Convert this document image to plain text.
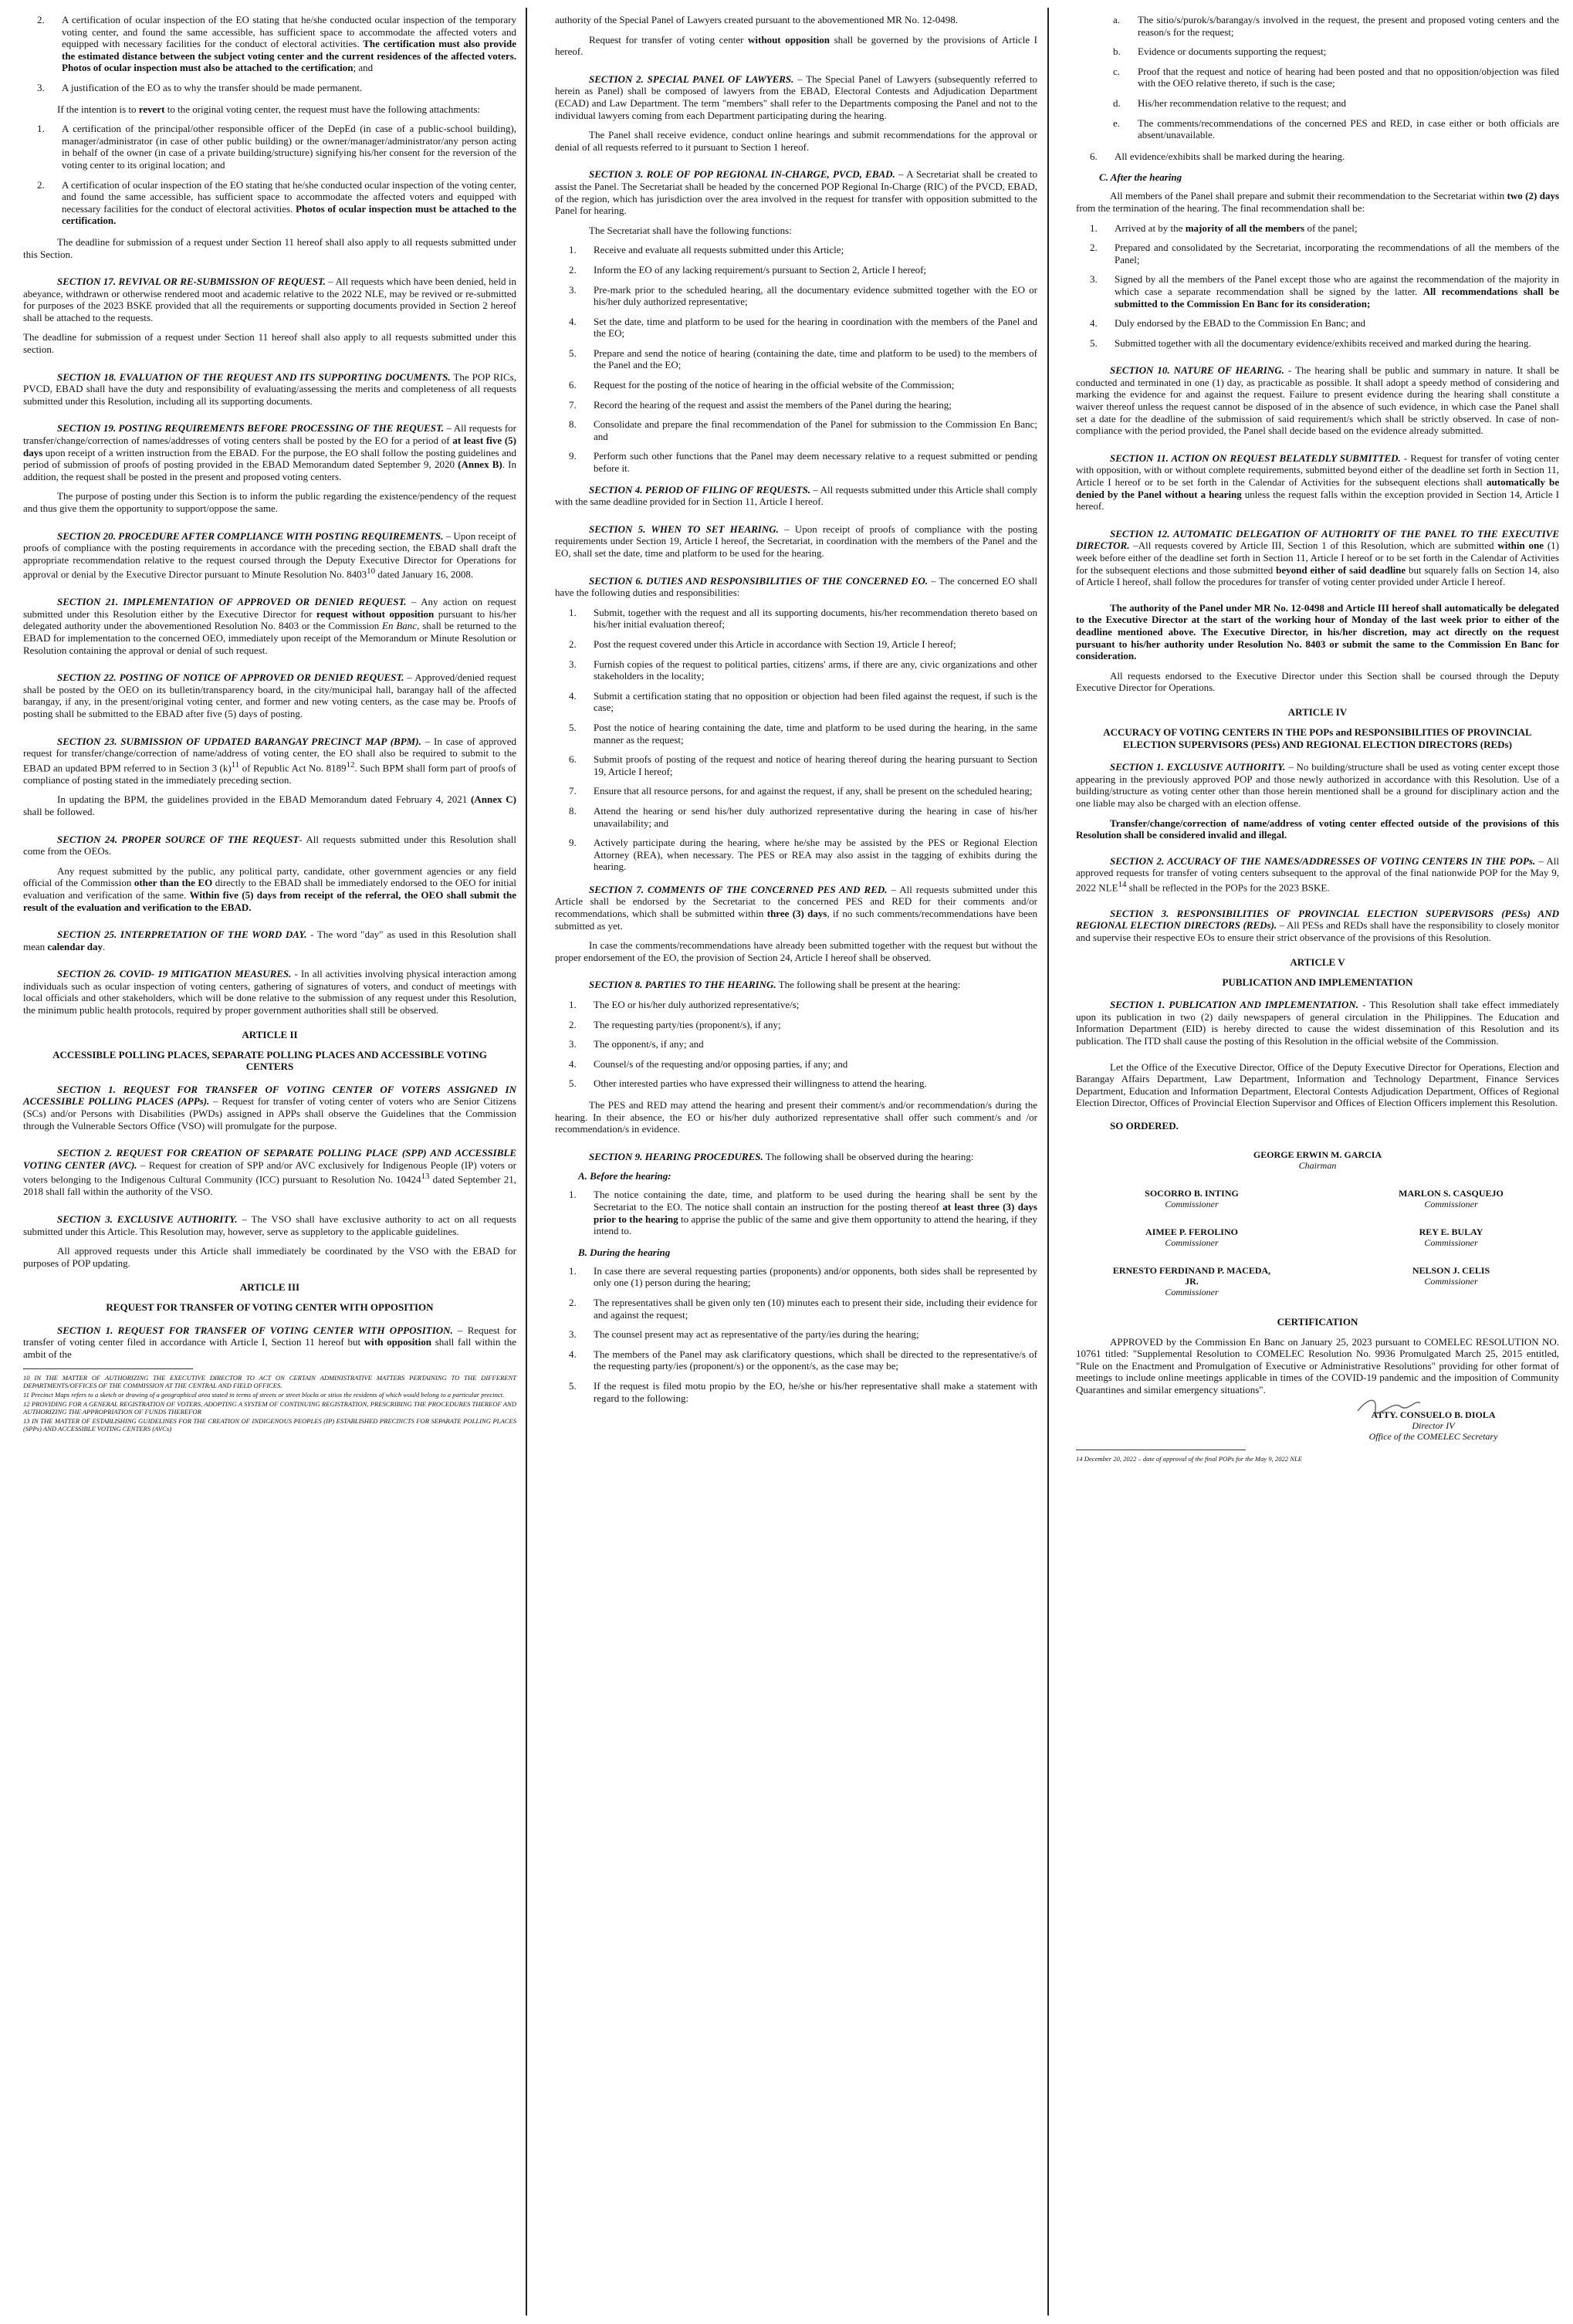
2. A certification of ocular inspection of the EO stating that he/she conducted ocular inspection of the temporary voting center, and found the same accessible, has sufficient space to accommodate the affected voters and equipped with necessary facilities for the conduct of electoral activities. The certification must also provide the estimated distance between the subject voting center and the current residences of the affected voters. Photos of ocular inspection must also be attached to the certification; and
3. A justification of the EO as to why the transfer should be made permanent.

If the intention is to revert to the original voting center, the request must have the following attachments:

1. A certification of the principal/other responsible officer of the DepEd (in case of a public-school building), manager/administrator (in case of other public building) or the owner/manager/administrator/any person acting in behalf of the owner (in case of a private building/structure) signifying his/her consent for the reversion of the voting center to its original location; and
2. A certification of ocular inspection of the EO stating that he/she conducted ocular inspection of the voting center, and found the same accessible, has sufficient space to accommodate the affected voters and equipped with necessary facilities for the conduct of electoral activities. Photos of ocular inspection must be attached to the certification.

The deadline for submission of a request under Section 11 hereof shall also apply to all requests submitted under this Section.

SECTION 17. REVIVAL OR RE-SUBMISSION OF REQUEST. – All requests which have been denied, held in abeyance, withdrawn or otherwise rendered moot and academic relative to the 2022 NLE, may be revived or re-submitted for purposes of the 2023 BSKE provided that all the requirements or supporting documents provided in Section 2 hereof shall be attached to the requests.

The deadline for submission of a request under Section 11 hereof shall also apply to all requests submitted under this section.

SECTION 18. EVALUATION OF THE REQUEST AND ITS SUPPORTING DOCUMENTS. The POP RICs, PVCD, EBAD shall have the duty and responsibility of evaluating/assessing the merits and completeness of all requests submitted under this Resolution, including all its supporting documents.

SECTION 19. POSTING REQUIREMENTS BEFORE PROCESSING OF THE REQUEST. – All requests for transfer/change/correction of names/addresses of voting centers shall be posted by the EO for a period of at least five (5) days upon receipt of a written instruction from the EBAD. For the purpose, the EO shall follow the posting guidelines and period of submission of proofs of posting provided in the EBAD Memorandum dated September 9, 2020 (Annex B). In addition, the request shall be posted in the present and proposed voting centers.

The purpose of posting under this Section is to inform the public regarding the existence/pendency of the request and thus give them the opportunity to support/oppose the same.

SECTION 20. PROCEDURE AFTER COMPLIANCE WITH POSTING REQUIREMENTS. – Upon receipt of proofs of compliance with the posting requirements in accordance with the preceding section, the EBAD shall draft the appropriate recommendation relative to the request coursed through the Deputy Executive Director for Operations for approval or denial by the Executive Director pursuant to Minute Resolution No. 8403$^{10}$ dated January 16, 2008.

SECTION 21. IMPLEMENTATION OF APPROVED OR DENIED REQUEST. – Any action on request submitted under this Resolution either by the Executive Director for request without opposition pursuant to his/her delegated authority under the abovementioned Resolution No. 8403 or the Commission En Banc, shall be returned to the EBAD for implementation to the concerned OEO, immediately upon receipt of the Memorandum or Minute Resolution or Resolution containing the approval or denial of such request.

SECTION 22. POSTING OF NOTICE OF APPROVED OR DENIED REQUEST. – Approved/denied request shall be posted by the OEO on its bulletin/transparency board, in the city/municipal hall, barangay hall of the affected barangay, if any, in the present/original voting center, and former and new voting centers, as the case may be. Proofs of posting shall be submitted to the EBAD after five (5) days of posting.

SECTION 23. SUBMISSION OF UPDATED BARANGAY PRECINCT MAP (BPM). – In case of approved request for transfer/change/correction of name/address of voting center, the EO shall also be required to submit to the EBAD an updated BPM referred to in Section 3 $(k)^{11}$ of Republic Act No. 8189$^{12}$. Such BPM shall form part of proofs of compliance of posting stated in the immediately preceding section.

In updating the BPM, the guidelines provided in the EBAD Memorandum dated February 4, 2021 (Annex C) shall be followed.

SECTION 24. PROPER SOURCE OF THE REQUEST- All requests submitted under this Resolution shall come from the OEOs.

Any request submitted by the public, any political party, candidate, other government agencies or any field official of the Commission other than the EO directly to the EBAD shall be immediately endorsed to the OEO for initial evaluation and verification of the same. Within five (5) days from receipt of the referral, the OEO shall submit the result of the evaluation and verification to the EBAD.

SECTION 25. INTERPRETATION OF THE WORD DAY. - The word "day" as used in this Resolution shall mean calendar day.

SECTION 26. COVID- 19 MITIGATION MEASURES. - In all activities involving physical interaction among individuals such as ocular inspection of voting centers, gathering of signatures of voters, and conduct of meetings with local officials and other stakeholders, which will be done relative to the submission of any request under this Resolution, the minimum public health protocols, required by proper government authorities shall still be observed.

ARTICLE II
ACCESSIBLE POLLING PLACES, SEPARATE POLLING PLACES AND ACCESSIBLE VOTING CENTERS

SECTION 1. REQUEST FOR TRANSFER OF VOTING CENTER OF VOTERS ASSIGNED IN ACCESSIBLE POLLING PLACES (APPs). – Request for transfer of voting center of voters who are Senior Citizens (SCs) and/or Persons with Disabilities (PWDs) assigned in APPs shall observe the Guidelines that the Commission through the Vulnerable Sectors Office (VSO) will promulgate for the purpose.

SECTION 2. REQUEST FOR CREATION OF SEPARATE POLLING PLACE (SPP) AND ACCESSIBLE VOTING CENTER (AVC). – Request for creation of SPP and/or AVC exclusively for Indigenous People (IP) voters or voters belonging to the Indigenous Cultural Community (ICC) pursuant to Resolution No. 10424$^{13}$ dated September 21, 2018 shall fall within the authority of the VSO.

SECTION 3. EXCLUSIVE AUTHORITY. – The VSO shall have exclusive authority to act on all requests submitted under this Article. This Resolution may, however, serve as suppletory to the applicable guidelines.

All approved requests under this Article shall immediately be coordinated by the VSO with the EBAD for purposes of POP updating.

ARTICLE III
REQUEST FOR TRANSFER OF VOTING CENTER WITH OPPOSITION

SECTION 1. REQUEST FOR TRANSFER OF VOTING CENTER WITH OPPOSITION. – Request for transfer of voting center filed in accordance with Article I, Section 11 hereof but with opposition shall fall within the ambit of the

10 IN THE MATTER OF AUTHORIZING THE EXECUTIVE DIRECTOR TO ACT ON CERTAIN ADMINISTRATIVE MATTERS PERTAINING TO THE DIFFERENT DEPARTMENTS/OFFICES OF THE COMMISSION AT THE CENTRAL AND FIELD OFFICES.

11 Precinct Maps refers to a sketch or drawing of a geographical area stated in terms of streets or street blocks or sitios the residents of which would belong to a particular precinct.

12 PROVIDING FOR A GENERAL REGISTRATION OF VOTERS, ADOPTING A SYSTEM OF CONTINUING REGISTRATION, PRESCRIBING THE PROCEDURES THEREOF AND AUTHORIZING THE APPROPRIATION OF FUNDS THEREFOR

13 IN THE MATTER OF ESTABLISHING GUIDELINES FOR THE CREATION OF INDIGENOUS PEOPLES (IP) ESTABLISHED PRECINCTS FOR SEPARATE POLLING PLACES (SPPs) AND ACCESSIBLE VOTING CENTERS (AVCs)

authority of the Special Panel of Lawyers created pursuant to the abovementioned MR No. 12-0498.

Request for transfer of voting center without opposition shall be governed by the provisions of Article I hereof.

SECTION 2. SPECIAL PANEL OF LAWYERS. – The Special Panel of Lawyers (subsequently referred to herein as Panel) shall be composed of lawyers from the EBAD, Electoral Contests and Adjudication Department (ECAD) and Law Department. The term "members" shall refer to the Departments composing the Panel and not to the individual lawyers coming from each Department participating during the hearing.

The Panel shall receive evidence, conduct online hearings and submit recommendations for the approval or denial of all requests referred to it pursuant to Section 1 hereof.

SECTION 3. ROLE OF POP REGIONAL IN-CHARGE, PVCD, EBAD. – A Secretariat shall be created to assist the Panel. The Secretariat shall be headed by the concerned POP Regional In-Charge (RIC) of the PVCD, EBAD, of the region, which has jurisdiction over the area involved in the request for transfer with opposition submitted to the Panel for hearing.

The Secretariat shall have the following functions:

1. Receive and evaluate all requests submitted under this Article;
2. Inform the EO of any lacking requirement/s pursuant to Section 2, Article I hereof;
3. Pre-mark prior to the scheduled hearing, all the documentary evidence submitted together with the EO or his/her duly authorized representative;
4. Set the date, time and platform to be used for the hearing in coordination with the members of the Panel and the EO;
5. Prepare and send the notice of hearing (containing the date, time and platform to be used) to the members of the Panel and the EO;
6. Request for the posting of the notice of hearing in the official website of the Commission;
7. Record the hearing of the request and assist the members of the Panel during the hearing;
8. Consolidate and prepare the final recommendation of the Panel for submission to the Commission En Banc; and
9. Perform such other functions that the Panel may deem necessary relative to a request submitted or pending before it.

SECTION 4. PERIOD OF FILING OF REQUESTS. – All requests submitted under this Article shall comply with the same deadline provided for in Section 11, Article I hereof.

SECTION 5. WHEN TO SET HEARING. – Upon receipt of proofs of compliance with the posting requirements under Section 19, Article I hereof, the Secretariat, in coordination with the members of the Panel and the EO, shall set the date, time and platform to be used for the hearing.

SECTION 6. DUTIES AND RESPONSIBILITIES OF THE CONCERNED EO. – The concerned EO shall have the following duties and responsibilities:

1. Submit, together with the request and all its supporting documents, his/her recommendation thereto based on his/her initial evaluation thereof;
2. Post the request covered under this Article in accordance with Section 19, Article I hereof;
3. Furnish copies of the request to political parties, citizens' arms, if there are any, civic organizations and other stakeholders in the locality;
4. Submit a certification stating that no opposition or objection had been filed against the request, if such is the case;
5. Post the notice of hearing containing the date, time and platform to be used during the hearing, in the same manner as the request;
6. Submit proofs of posting of the request and notice of hearing thereof during the hearing pursuant to Section 19, Article I hereof;
7. Ensure that all resource persons, for and against the request, if any, shall be present on the scheduled hearing;
8. Attend the hearing or send his/her duly authorized representative during the hearing in case of his/her unavailability; and
9. Actively participate during the hearing, where he/she may be assisted by the PES or Regional Election Attorney (REA), when necessary. The PES or REA may also assist in the tagging of exhibits during the hearing.

SECTION 7. COMMENTS OF THE CONCERNED PES AND RED. – All requests submitted under this Article shall be endorsed by the Secretariat to the concerned PES and RED for their comments and/or recommendations, which shall be submitted within three (3) days, if no such comments/recommendations have been submitted as yet.

In case the comments/recommendations have already been submitted together with the request but without the proper endorsement of the EO, the provision of Section 24, Article I hereof shall be observed.

SECTION 8. PARTIES TO THE HEARING. The following shall be present at the hearing:

1. The EO or his/her duly authorized representative/s;
2. The requesting party/ties (proponent/s), if any;
3. The opponent/s, if any; and
4. Counsel/s of the requesting and/or opposing parties, if any; and
5. Other interested parties who have expressed their willingness to attend the hearing.

The PES and RED may attend the hearing and present their comment/s and/or recommendation/s during the hearing. In their absence, the EO or his/her duly authorized representative shall offer such comment/s and /or recommendation/s in evidence.

SECTION 9. HEARING PROCEDURES. The following shall be observed during the hearing:

A. Before the hearing:
1. The notice containing the date, time, and platform to be used during the hearing shall be sent by the Secretariat to the EO. The notice shall contain an instruction for the posting thereof at least three (3) days prior to the hearing to apprise the public of the same and give them opportunity to attend the hearing, if they intend to.
B. During the hearing
1. In case there are several requesting parties (proponents) and/or opponents, both sides shall be represented by only one (1) person during the hearing;
2. The representatives shall be given only ten (10) minutes each to present their side, including their evidence for and against the request;
3. The counsel present may act as representative of the party/ies during the hearing;
4. The members of the Panel may ask clarificatory questions, which shall be directed to the representative/s of the requesting party/ies (proponent/s) or the opponent/s, as the case may be;
5. If the request is filed motu propio by the EO, he/she or his/her representative shall make a statement with regard to the following:
a. The sitio/s/purok/s/barangay/s involved in the request, the present and proposed voting centers and the reason/s for the request;
b. Evidence or documents supporting the request;
c. Proof that the request and notice of hearing had been posted and that no opposition/objection was filed with the OEO relative thereto, if such is the case;
d. His/her recommendation relative to the request; and
e. The comments/recommendations of the concerned PES and RED, in case either or both officials are absent/unavailable.
6. All evidence/exhibits shall be marked during the hearing.
C. After the hearing

All members of the Panel shall prepare and submit their recommendation to the Secretariat within two (2) days from the termination of the hearing. The final recommendation shall be:

1. Arrived at by the majority of all the members of the panel;
2. Prepared and consolidated by the Secretariat, incorporating the recommendations of all the members of the Panel;
3. Signed by all the members of the Panel except those who are against the recommendation of the majority in which case a separate recommendation shall be signed by the latter. All recommendations shall be submitted to the Commission En Banc for its consideration;
4. Duly endorsed by the EBAD to the Commission En Banc; and
5. Submitted together with all the documentary evidence/exhibits received and marked during the hearing.

SECTION 10. NATURE OF HEARING. - The hearing shall be public and summary in nature. It shall be conducted and terminated in one (1) day, as practicable as possible. It shall adopt a speedy method of considering and marking the evidence for and against the request. Failure to present evidence during the hearing shall constitute a waiver thereof unless the request cannot be disposed of in the absence of such evidence, in which case the Panel shall set a date for the deadline of the submission of said requirement/s which shall be strictly observed. In case of non-compliance with the period provided, the Panel shall decide based on the evidence already submitted.

SECTION 11. ACTION ON REQUEST BELATEDLY SUBMITTED. - Request for transfer of voting center with opposition, with or without complete requirements, submitted beyond either of the deadline set forth in Section 11, Article I hereof or to be set forth in the Calendar of Activities for the subsequent elections shall automatically be denied by the Panel without a hearing unless the request falls within the exception provided in Section 14, Article I hereof.

SECTION 12. AUTOMATIC DELEGATION OF AUTHORITY OF THE PANEL TO THE EXECUTIVE DIRECTOR. –All requests covered by Article III, Section 1 of this Resolution, which are submitted within one (1) week before either of the deadline set forth in Section 11, Article I hereof or to be set forth in the Calendar of Activities for the subsequent elections and those submitted beyond either of said deadline but squarely falls on Section 14, also of Article I hereof, shall follow the procedures for transfer of voting center provided under Article I hereof.

The authority of the Panel under MR No. 12-0498 and Article III hereof shall automatically be delegated to the Executive Director at the start of the working hour of Monday of the last week prior to either of the deadline mentioned above. The Executive Director, in his/her discretion, may act directly on the request pursuant to his/her authority under Resolution No. 8403 or submit the same to the Commission En Banc for consideration.

All requests endorsed to the Executive Director under this Section shall be coursed through the Deputy Executive Director for Operations.

ARTICLE IV
ACCURACY OF VOTING CENTERS IN THE POPs and RESPONSIBILITIES OF PROVINCIAL ELECTION SUPERVISORS (PESs) AND REGIONAL ELECTION DIRECTORS (REDs)

SECTION 1. EXCLUSIVE AUTHORITY. – No building/structure shall be used as voting center except those appearing in the previously approved POP and those newly authorized in accordance with this Resolution. Use of a building/structure as voting center other than those herein mentioned shall be a ground for disciplinary action and the one liable may also be charged with an election offense.

Transfer/change/correction of name/address of voting center effected outside of the provisions of this Resolution shall be considered invalid and illegal.

SECTION 2. ACCURACY OF THE NAMES/ADDRESSES OF VOTING CENTERS IN THE POPs. – All approved requests for transfer of voting centers subsequent to the approval of the final nationwide POP for the May 9, 2022 NLE$^{14}$ shall be reflected in the POPs for the 2023 BSKE.

SECTION 3. RESPONSIBILITIES OF PROVINCIAL ELECTION SUPERVISORS (PESs) AND REGIONAL ELECTION DIRECTORS (REDs). – All PESs and REDs shall have the responsibility to closely monitor and supervise their respective EOs to ensure their strict observance of the provisions of this Resolution.

ARTICLE V
PUBLICATION AND IMPLEMENTATION

SECTION 1. PUBLICATION AND IMPLEMENTATION. - This Resolution shall take effect immediately upon its publication in two (2) daily newspapers of general circulation in the Philippines. The Education and Information Department (EID) is hereby directed to cause the widest dissemination of this Resolution and its publication. The ITD shall cause the posting of this Resolution in the official website of the Commission.

Let the Office of the Executive Director, Office of the Deputy Executive Director for Operations, Election and Barangay Affairs Department, Law Department, Information and Technology Department, Finance Services Department, Education and Information Department, Electoral Contests Adjudication Department, Offices of Regional Election Director, Offices of Provincial Election Supervisor and Offices of Election Officers implement this Resolution.

SO ORDERED.

GEORGE ERWIN M. GARCIA

Chairman

SOCORRO B. INTING

Commissioner

MARLON S. CASQUEJO

Commissioner

AIMEE P. FEROLINO

Commissioner

REY E. BULAY

Commissioner

ERNESTO FERDINAND P. MACEDA, JR.

Commissioner

NELSON J. CELIS

Commissioner

CERTIFICATION

APPROVED by the Commission En Banc on January 25, 2023 pursuant to COMELEC RESOLUTION NO. 10761 titled: "Supplemental Resolution to COMELEC Resolution No. 9936 Promulgated March 25, 2015 entitled, "Rule on the Enactment and Promulgation of Executive or Administrative Resolutions" providing for other format of meetings to include online meetings applicable in times of the COVID-19 pandemic and the imposition of Community Quarantines and similar emergency situations".

ATTY. CONSUELO B. DIOLA

Director IV

Office of the COMELEC Secretary

14 December 20, 2022 – date of approval of the final POPs for the May 9, 2022 NLE
